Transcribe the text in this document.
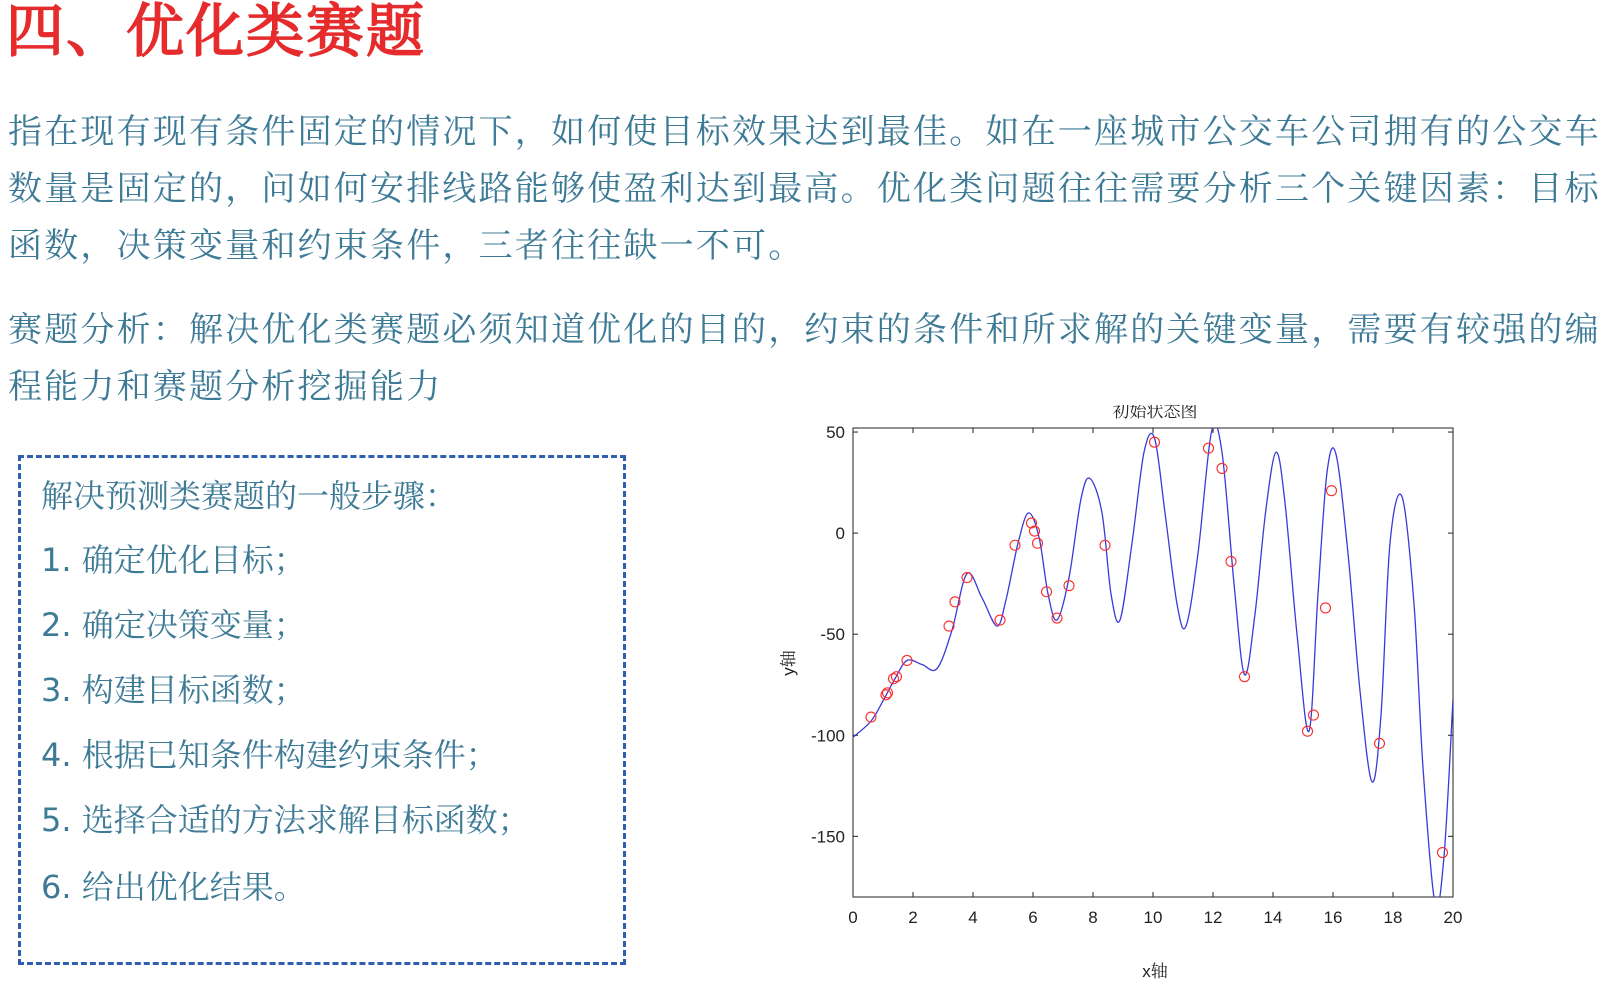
四、优化类赛题

指在现有现有条件固定的情况下，如何使目标效果达到最佳。如在一座城市公交车公司拥有的公交车数量是固定的，问如何安排线路能够使盈利达到最高。优化类问题往往需要分析三个关键因素：目标函数，决策变量和约束条件，三者往往缺一不可。

赛题分析：解决优化类赛题必须知道优化的目的，约束的条件和所求解的关键变量，需要有较强的编程能力和赛题分析挖掘能力

解决预测类赛题的一般步骤：
1. 确定优化目标；
2. 确定决策变量；
3. 构建目标函数；
4. 根据已知条件构建约束条件；
5. 选择合适的方法求解目标函数；
6. 给出优化结果。
初始状态图
x轴
y轴
0	2	4	6	8	10 12 14 16 18 20
50
0
-50
-100
-150
